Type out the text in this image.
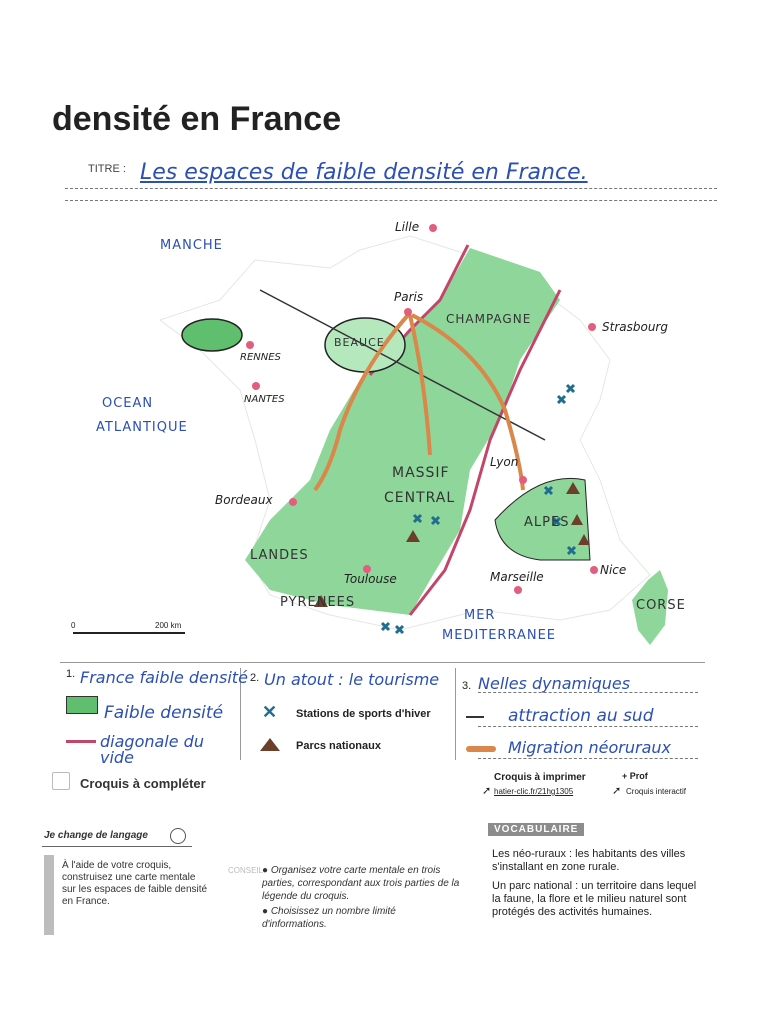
densité en France
TITRE : Les espaces de faible densité en France.
MANCHE
OCEAN
ATLANTIQUE
MER
MEDITERRANEE
Lille
Paris
Strasbourg
RENNES
NANTES
Bordeaux
Lyon
Toulouse	Marseille	Nice
BEAUCE
CHAMPAGNE
MASSIF
CENTRAL
LANDES
ALPES
PYRENEES	CORSE
0	200 km
1. France faible densité
Faible densité
diagonale du vide
2. Un atout : le tourisme
✕ Stations de sports d'hiver
Parcs nationaux
3. Nelles dynamiques
attraction au sud
Migration néoruraux
Croquis à compléter	Croquis à imprimer
➚ hatier-clic.fr/21hg1305
+ Prof
➚ Croquis interactif
Je change de langage
À l'aide de votre croquis, construisez une carte mentale sur les espaces de faible densité en France.
CONSEIL
● Organisez votre carte mentale en trois parties, correspondant aux trois parties de la légende du croquis.
● Choisissez un nombre limité d'informations.
VOCABULAIRE
Les néo-ruraux : les habitants des villes s'installant en zone rurale.
Un parc national : un territoire dans lequel la faune, la flore et le milieu naturel sont protégés des activités humaines.
